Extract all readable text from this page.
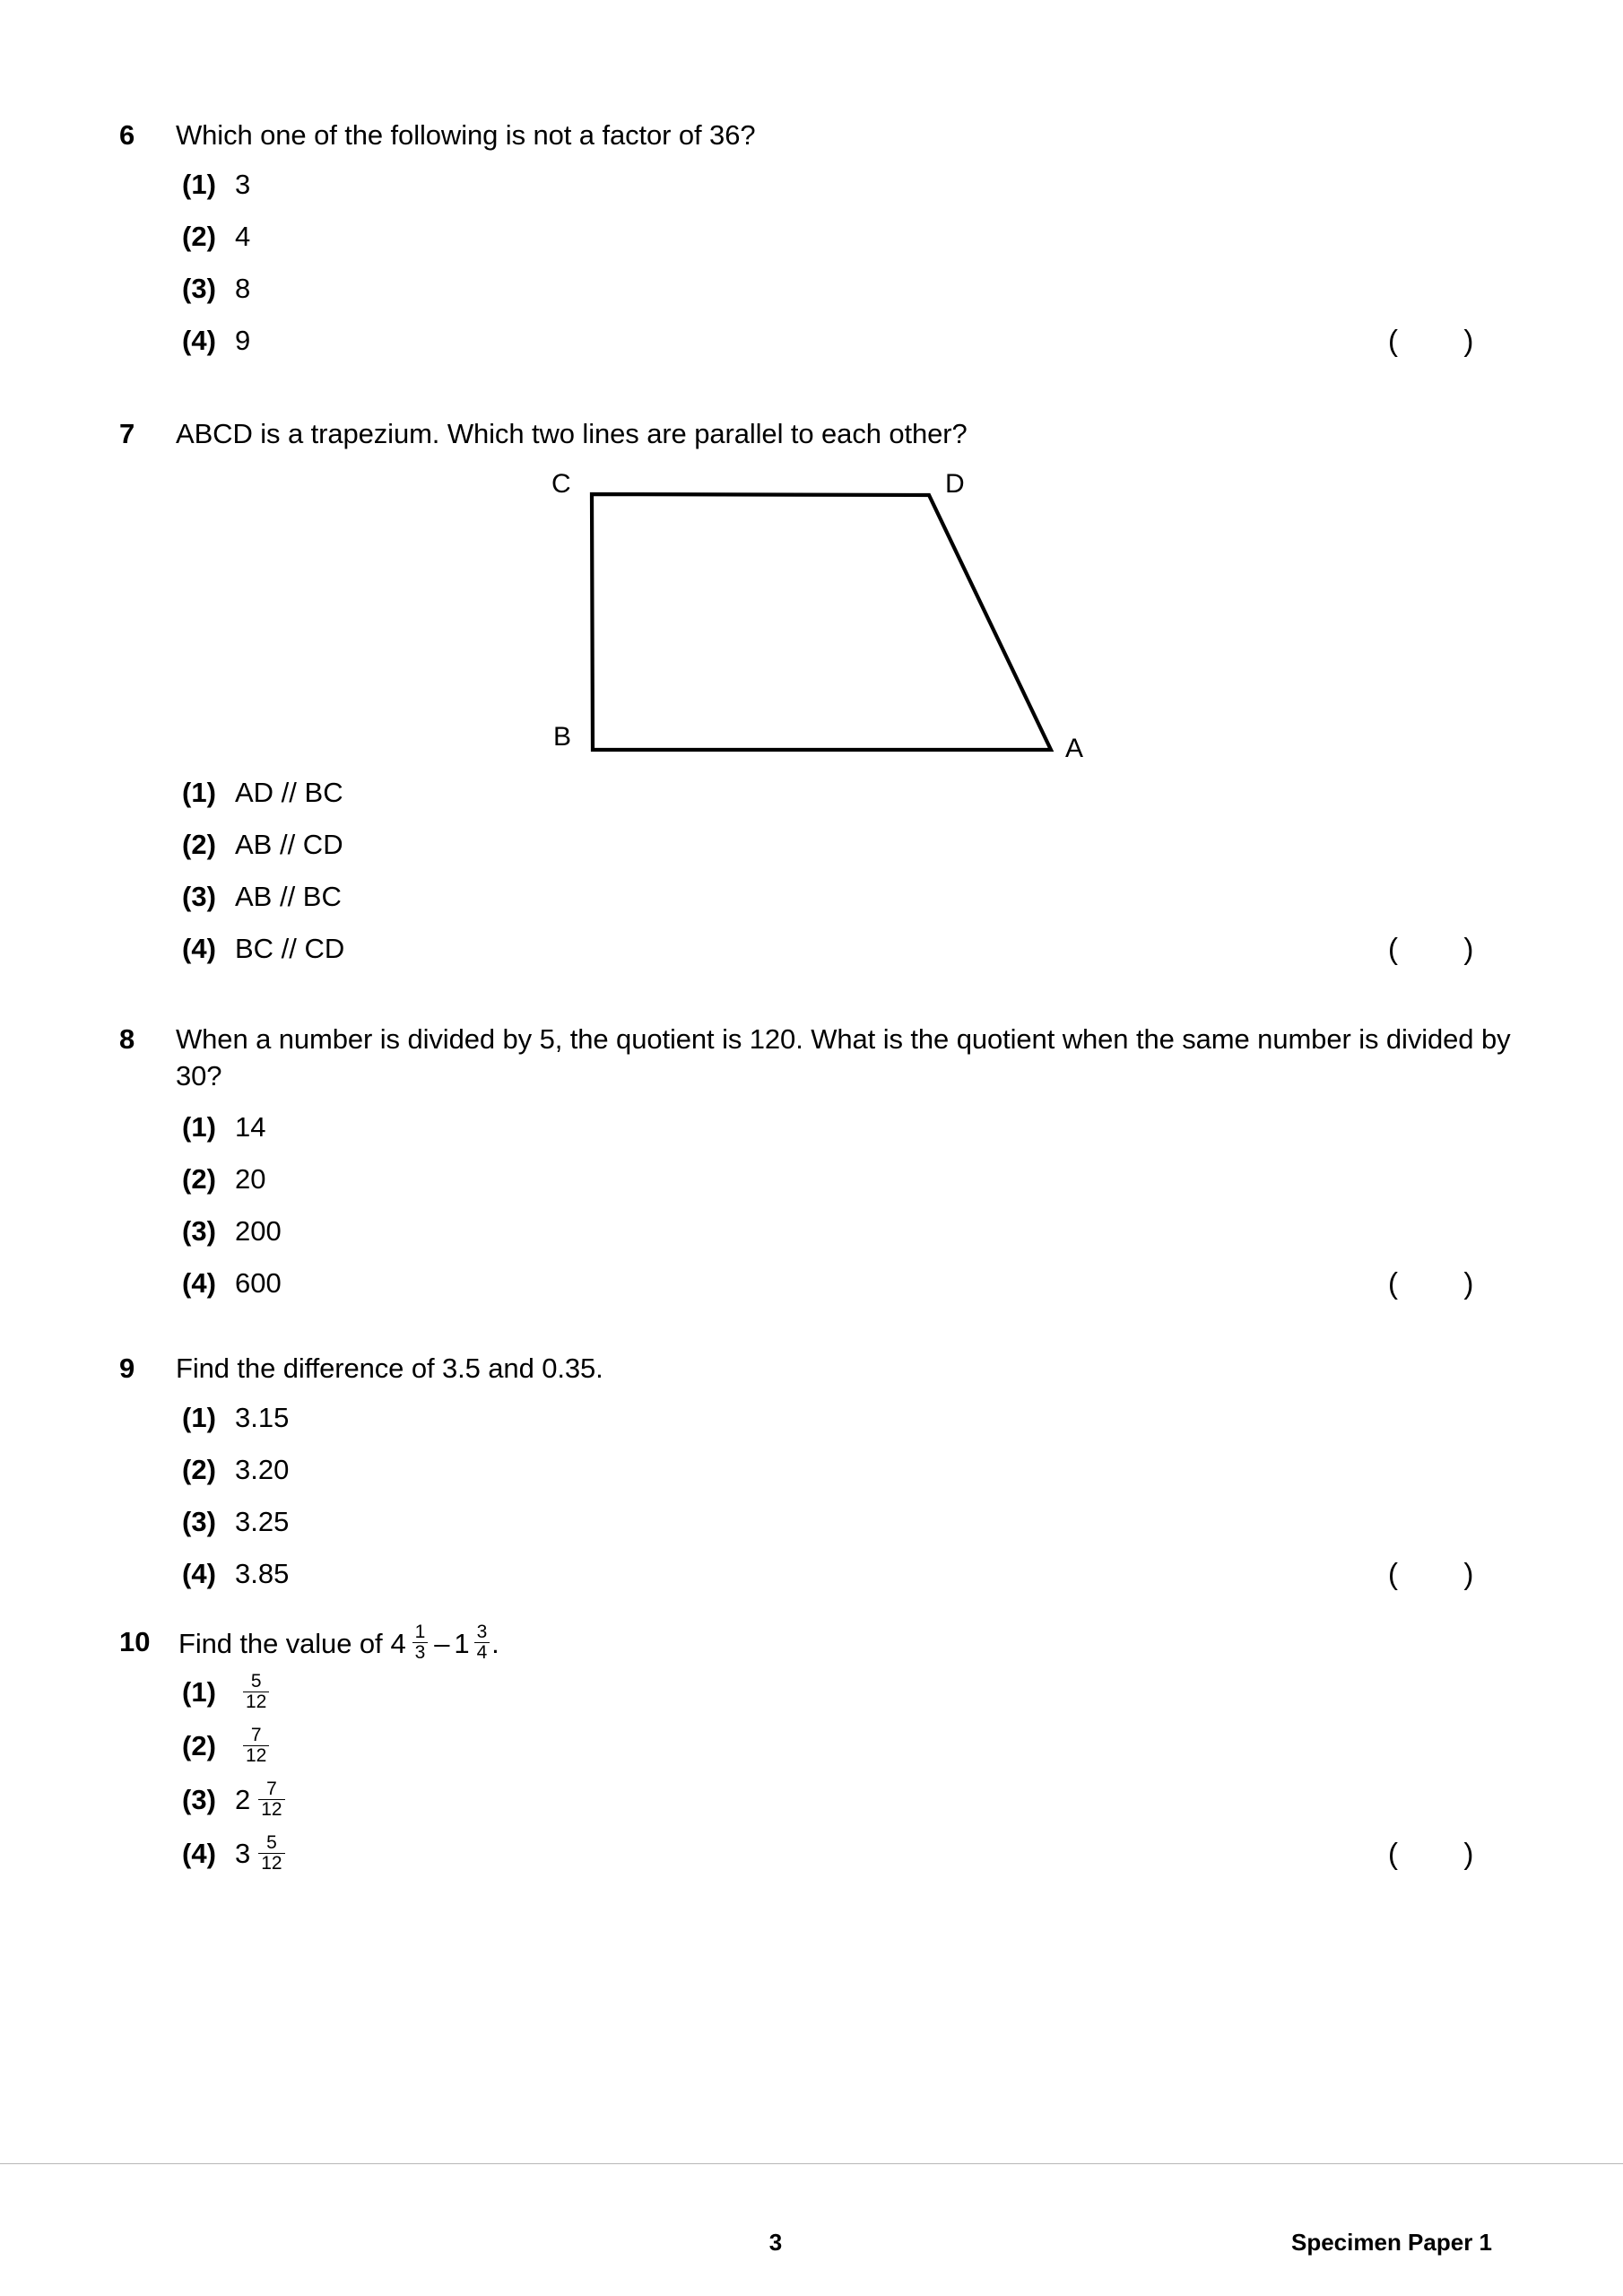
6	Which one of the following is not a factor of 36?
(1) 3
(2) 4
(3) 8
(4) 9	(        )
7	ABCD is a trapezium. Which two lines are parallel to each other?
C	D
A
B
(1) AD // BC
(2) AB // CD
(3) AB // BC
(4) BC // CD	(        )
8	When a number is divided by 5, the quotient is 120. What is the quotient when the same number is divided by 30?
(1) 14
(2) 20
(3) 200
(4) 600	(        )
9	Find the difference of 3.5 and 0.35.
(1) 3.15
(2) 3.20
(3) 3.25
(4) 3.85	(        )
10	Find the value of $4 \frac{1}{3} - 1 \frac{3}{4}$ .
(1)	$\frac{5}{12}$
(2)	$\frac{7}{12}$
(3) $2 \frac{7}{12}$
(4) $3 \frac{5}{12}$	(        )
3	Specimen Paper 1
